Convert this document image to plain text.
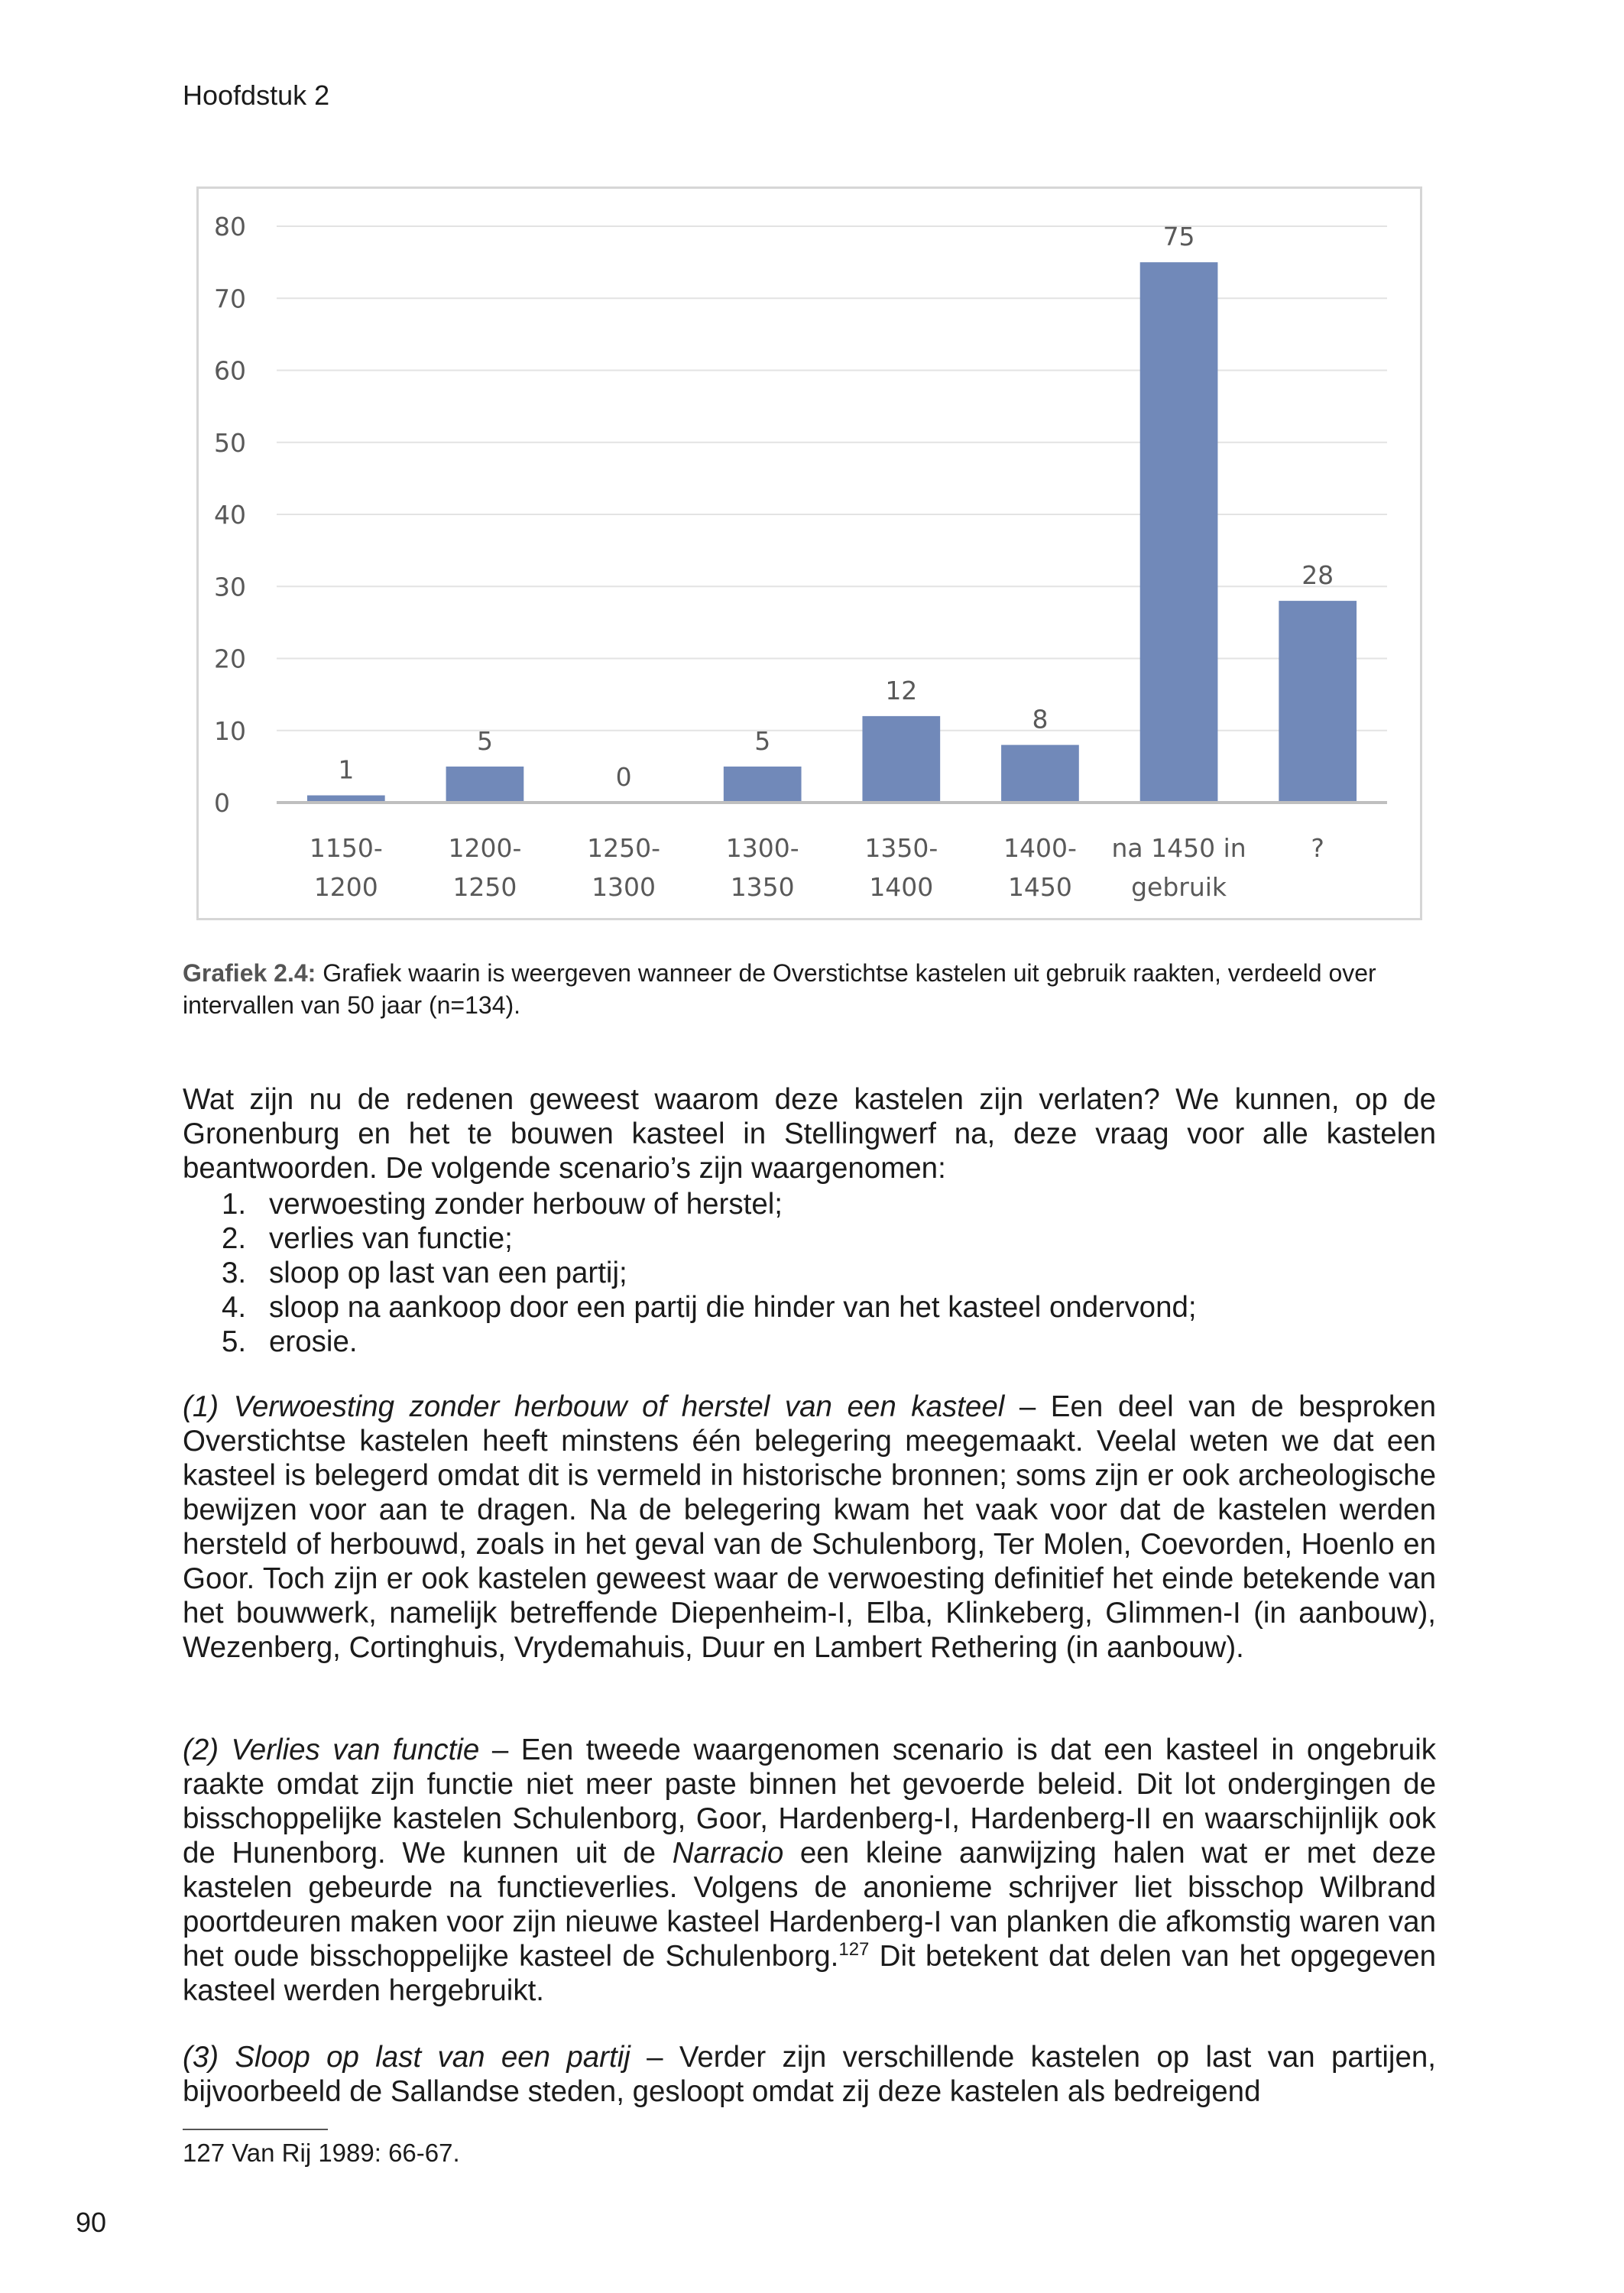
Hoofdstuk 2
0
10
20
30
40
50
60
70
80
1
1150-
1200
5
1200-
1250
0
1250-
1300
5
1300-
1350
12
1350-
1400
8
1400-
1450
75
na 1450 in
gebruik
28
?
Grafiek 2.4: Grafiek waarin is weergeven wanneer de Overstichtse kastelen uit gebruik raakten, verdeeld over intervallen van 50 jaar (n=134).
Wat zijn nu de redenen geweest waarom deze kastelen zijn verlaten? We kunnen, op de Gronenburg en het te bouwen kasteel in Stellingwerf na, deze vraag voor alle kastelen beantwoorden. De volgende scenario’s zijn waargenomen:
1. verwoesting zonder herbouw of herstel;
2. verlies van functie;
3. sloop op last van een partij;
4. sloop na aankoop door een partij die hinder van het kasteel ondervond;
5. erosie.
(1) Verwoesting zonder herbouw of herstel van een kasteel – Een deel van de besproken Overstichtse kastelen heeft minstens één belegering meegemaakt. Veelal weten we dat een kasteel is belegerd omdat dit is vermeld in historische bronnen; soms zijn er ook archeologische bewijzen voor aan te dragen. Na de belegering kwam het vaak voor dat de kastelen werden hersteld of herbouwd, zoals in het geval van de Schulenborg, Ter Molen, Coevorden, Hoenlo en Goor. Toch zijn er ook kastelen geweest waar de verwoesting definitief het einde betekende van het bouwwerk, namelijk betreffende Diepenheim-I, Elba, Klinkeberg, Glimmen-I (in aanbouw), Wezenberg, Cortinghuis, Vrydemahuis, Duur en Lambert Rethering (in aanbouw).
(2) Verlies van functie – Een tweede waargenomen scenario is dat een kasteel in ongebruik raakte omdat zijn functie niet meer paste binnen het gevoerde beleid. Dit lot ondergingen de bisschoppelijke kastelen Schulenborg, Goor, Hardenberg-I, Hardenberg-II en waarschijnlijk ook de Hunenborg. We kunnen uit de Narracio een kleine aanwijzing halen wat er met deze kastelen gebeurde na functieverlies. Volgens de anonieme schrijver liet bisschop Wilbrand poortdeuren maken voor zijn nieuwe kasteel Hardenberg-I van planken die afkomstig waren van het oude bisschoppelijke kasteel de Schulenborg.$^{127}$ Dit betekent dat delen van het opgegeven kasteel werden hergebruikt.
(3) Sloop op last van een partij – Verder zijn verschillende kastelen op last van partijen, bijvoorbeeld de Sallandse steden, gesloopt omdat zij deze kastelen als bedreigend
127 Van Rij 1989: 66-67.
90
